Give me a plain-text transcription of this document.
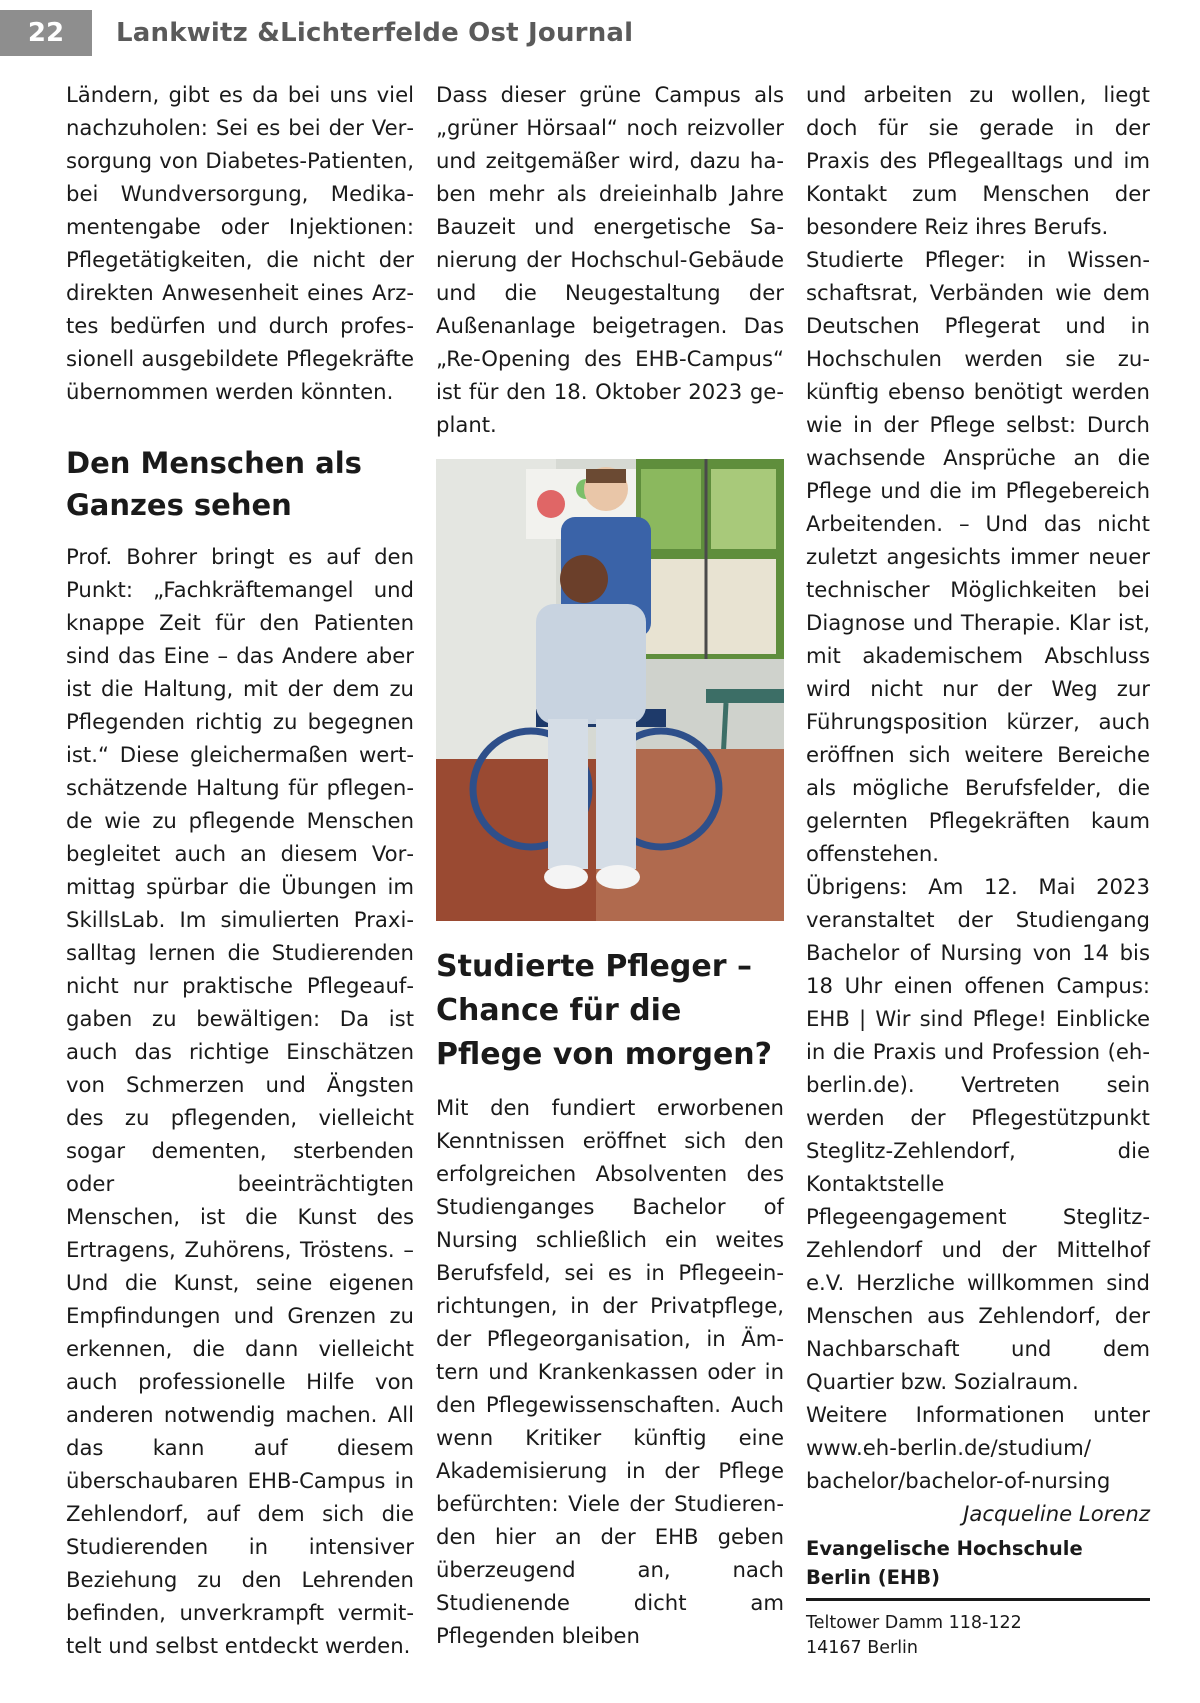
22	Lankwitz &Lichterfelde Ost Journal

Ländern, gibt es da bei uns viel nachzuholen: Sei es bei der Versorgung von Diabetes-Patienten, bei Wundversorgung, Medikamentengabe oder Injektionen: Pflegetätigkeiten, die nicht der direkten Anwesenheit eines Arztes bedürfen und durch professionell ausgebildete Pflegekräfte übernommen werden könnten.

Den Menschen als Ganzes sehen

Prof. Bohrer bringt es auf den Punkt: „Fachkräftemangel und knappe Zeit für den Patienten sind das Eine – das Andere aber ist die Haltung, mit der dem zu Pflegenden richtig zu begegnen ist.“ Diese gleichermaßen wertschätzende Haltung für pflegende wie zu pflegende Menschen begleitet auch an diesem Vormittag spürbar die Übungen im SkillsLab. Im simulierten Praxisalltag lernen die Studierenden nicht nur praktische Pflegeaufgaben zu bewältigen: Da ist auch das richtige Einschätzen von Schmerzen und Ängsten des zu pflegenden, vielleicht sogar dementen, sterbenden oder beeinträchtigten Menschen, ist die Kunst des Ertragens, Zuhörens, Tröstens. – Und die Kunst, seine eigenen Empfindungen und Grenzen zu erkennen, die dann vielleicht auch professionelle Hilfe von anderen notwendig machen. All das kann auf diesem überschaubaren EHB-Campus in Zehlendorf, auf dem sich die Studierenden in intensiver Beziehung zu den Lehrenden befinden, unverkrampft vermittelt und selbst entdeckt werden.

Dass dieser grüne Campus als „grüner Hörsaal“ noch reizvoller und zeitgemäßer wird, dazu haben mehr als dreieinhalb Jahre Bauzeit und energetische Sanierung der Hochschul-Gebäude und die Neugestaltung der Außenanlage beigetragen. Das „Re-Opening des EHB-Campus“ ist für den 18. Oktober 2023 geplant.

Studierte Pfleger – Chance für die Pflege von morgen?

Mit den fundiert erworbenen Kenntnissen eröffnet sich den erfolgreichen Absolventen des Studienganges Bachelor of Nursing schließlich ein weites Berufsfeld, sei es in Pflegeeinrichtungen, in der Privatpflege, der Pflegeorganisation, in Ämtern und Krankenkassen oder in den Pflegewissenschaften. Auch wenn Kritiker künftig eine Akademisierung in der Pflege befürchten: Viele der Studierenden hier an der EHB geben überzeugend an, nach Studienende dicht am Pflegenden bleiben

und arbeiten zu wollen, liegt doch für sie gerade in der Praxis des Pflegealltags und im Kontakt zum Menschen der besondere Reiz ihres Berufs.

Studierte Pfleger: in Wissenschaftsrat, Verbänden wie dem Deutschen Pflegerat und in Hochschulen werden sie zukünftig ebenso benötigt werden wie in der Pflege selbst: Durch wachsende Ansprüche an die Pflege und die im Pflegebereich Arbeitenden. – Und das nicht zuletzt angesichts immer neuer technischer Möglichkeiten bei Diagnose und Therapie. Klar ist, mit akademischem Abschluss wird nicht nur der Weg zur Führungsposition kürzer, auch eröffnen sich weitere Bereiche als mögliche Berufsfelder, die gelernten Pflegekräften kaum offenstehen.

Übrigens: Am 12. Mai 2023 veranstaltet der Studiengang Bachelor of Nursing von 14 bis 18 Uhr einen offenen Campus: EHB | Wir sind Pflege! Einblicke in die Praxis und Profession (ehberlin.de). Vertreten sein werden der Pflegestützpunkt Steglitz-Zehlendorf, die Kontaktstelle Pflegeengagement Steglitz-Zehlendorf und der Mittelhof e.V. Herzliche willkommen sind Menschen aus Zehlendorf, der Nachbarschaft und dem Quartier bzw. Sozialraum.

Weitere Informationen unter www.eh-berlin.de/studium/ bachelor/bachelor-of-nursing

Jacqueline Lorenz

Evangelische Hochschule Berlin (EHB)

Teltower Damm 118-122

14167 Berlin
